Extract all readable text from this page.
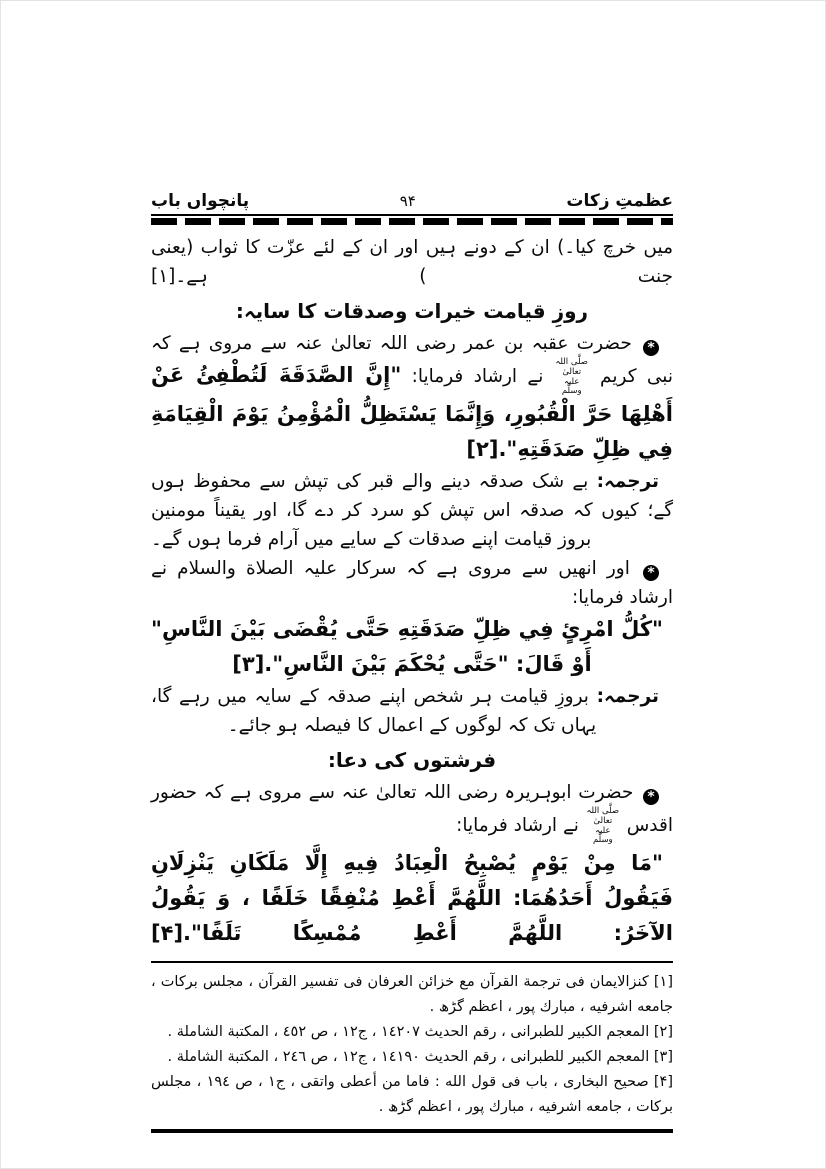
عظمتِ زکات
۹۴
پانچواں باب

میں خرچ کیا۔) ان کے دونے ہیں اور ان کے لئے عزّت کا ثواب (یعنی جنت ) ہے۔[۱]

روزِ قیامت خیرات وصدقات کا سایہ:

* حضرت عقبہ بن عمر رضی اللہ تعالیٰ عنہ سے مروی ہے کہ نبی کریم صلَّی اللہ تعالیٰ علیہ وسلَّم نے ارشاد فرمایا: "إِنَّ الصَّدَقَةَ لَتُطْفِئُ عَنْ أَهْلِهَا حَرَّ الْقُبُورِ، وَإِنَّمَا يَسْتَظِلُّ الْمُؤْمِنُ يَوْمَ الْقِيَامَةِ فِي ظِلِّ صَدَقَتِهِ".[۲]

ترجمہ: بے شک صدقہ دینے والے قبر کی تپش سے محفوظ ہوں گے؛ کیوں کہ صدقہ اس تپش کو سرد کر دے گا، اور یقیناً مومنین بروز قیامت اپنے صدقات کے سایے میں آرام فرما ہوں گے۔

* اور انھیں سے مروی ہے کہ سرکار علیہ الصلاة والسلام نے ارشاد فرمایا:

"كُلُّ امْرِئٍ فِي ظِلِّ صَدَقَتِهِ حَتَّى يُقْضَى بَيْنَ النَّاسِ" أَوْ قَالَ: "حَتَّى يُحْكَمَ بَيْنَ النَّاسِ".[۳]

ترجمہ: بروزِ قیامت ہر شخص اپنے صدقہ کے سایہ میں رہے گا، یہاں تک کہ لوگوں کے اعمال کا فیصلہ ہو جائے۔

فرشتوں کی دعا:

* حضرت ابوہریرہ رضی اللہ تعالیٰ عنہ سے مروی ہے کہ حضور اقدس صلَّی اللہ تعالیٰ علیہ وسلَّم نے ارشاد فرمایا:

"مَا مِنْ يَوْمٍ يُصْبِحُ الْعِبَادُ فِيهِ إِلَّا مَلَكَانِ يَنْزِلَانِ فَيَقُولُ أَحَدُهُمَا: اللَّهُمَّ أَعْطِ مُنْفِقًا خَلَفًا ، وَ يَقُولُ الآخَرُ: اللَّهُمَّ أَعْطِ مُمْسِكًا تَلَفًا".[۴]

[۱] كنزالايمان فى ترجمة القرآن مع خزائن العرفان فى تفسير القرآن ، مجلس بركات ، جامعه اشرفيه ، مبارك پور ، اعظم گڑھ .
[۲] المعجم الكبير للطبرانى ، رقم الحديث ١٤٢٠٧ ، ج١٢ ، ص ٤٥٢ ، المكتبة الشاملة .
[۳] المعجم الكبير للطبرانى ، رقم الحديث ١٤١٩٠ ، ج١٢ ، ص ٢٤٦ ، المكتبة الشاملة .
[۴] صحيح البخارى ، باب فى قول الله : فاما من أعطى واتقى ، ج١ ، ص ١٩٤ ، مجلس بركات ، جامعه اشرفيه ، مبارك پور ، اعظم گڑھ .
